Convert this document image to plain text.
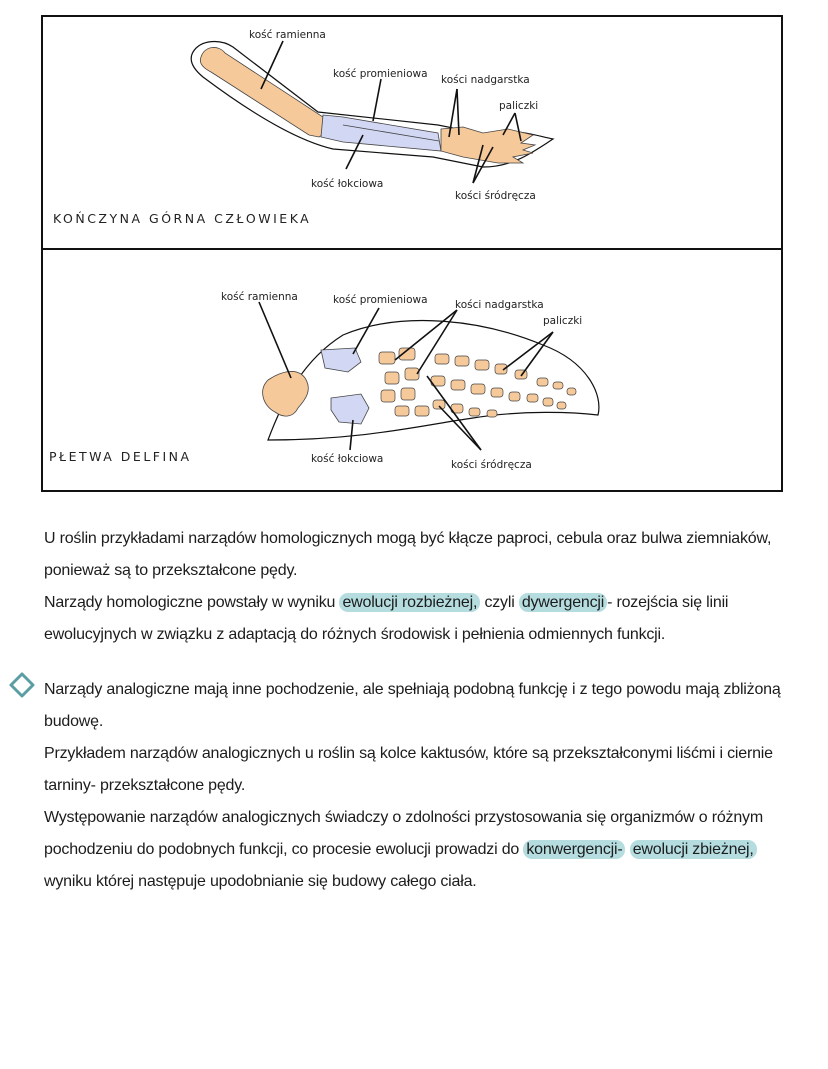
kość ramienna
kość promieniowa kości nadgarstka
paliczki
kość łokciowa
kości śródręcza
KOŃCZYNA GÓRNA CZŁOWIEKA
kość ramienna	kość promieniowa	kości nadgarstka
paliczki
kość łokciowa	kości śródręcza
PŁETWA DELFINA

U roślin przykładami narządów homologicznych mogą być kłącze paproci, cebula oraz bulwa ziemniaków, ponieważ są to przekształcone pędy.
Narządy homologiczne powstały w wyniku ewolucji rozbieżnej, czyli dywergencji - rozejścia się linii ewolucyjnych w związku z adaptacją do różnych środowisk i pełnienia odmiennych funkcji.

Narządy analogiczne mają inne pochodzenie, ale spełniają podobną funkcję i z tego powodu mają zbliżoną budowę.
Przykładem narządów analogicznych u roślin są kolce kaktusów, które są przekształconymi liśćmi i ciernie tarniny- przekształcone pędy.
Występowanie narządów analogicznych świadczy o zdolności przystosowania się organizmów o różnym pochodzeniu do podobnych funkcji, co procesie ewolucji prowadzi do konwergencji- ewolucji zbieżnej, wyniku której następuje upodobnianie się budowy całego ciała.
